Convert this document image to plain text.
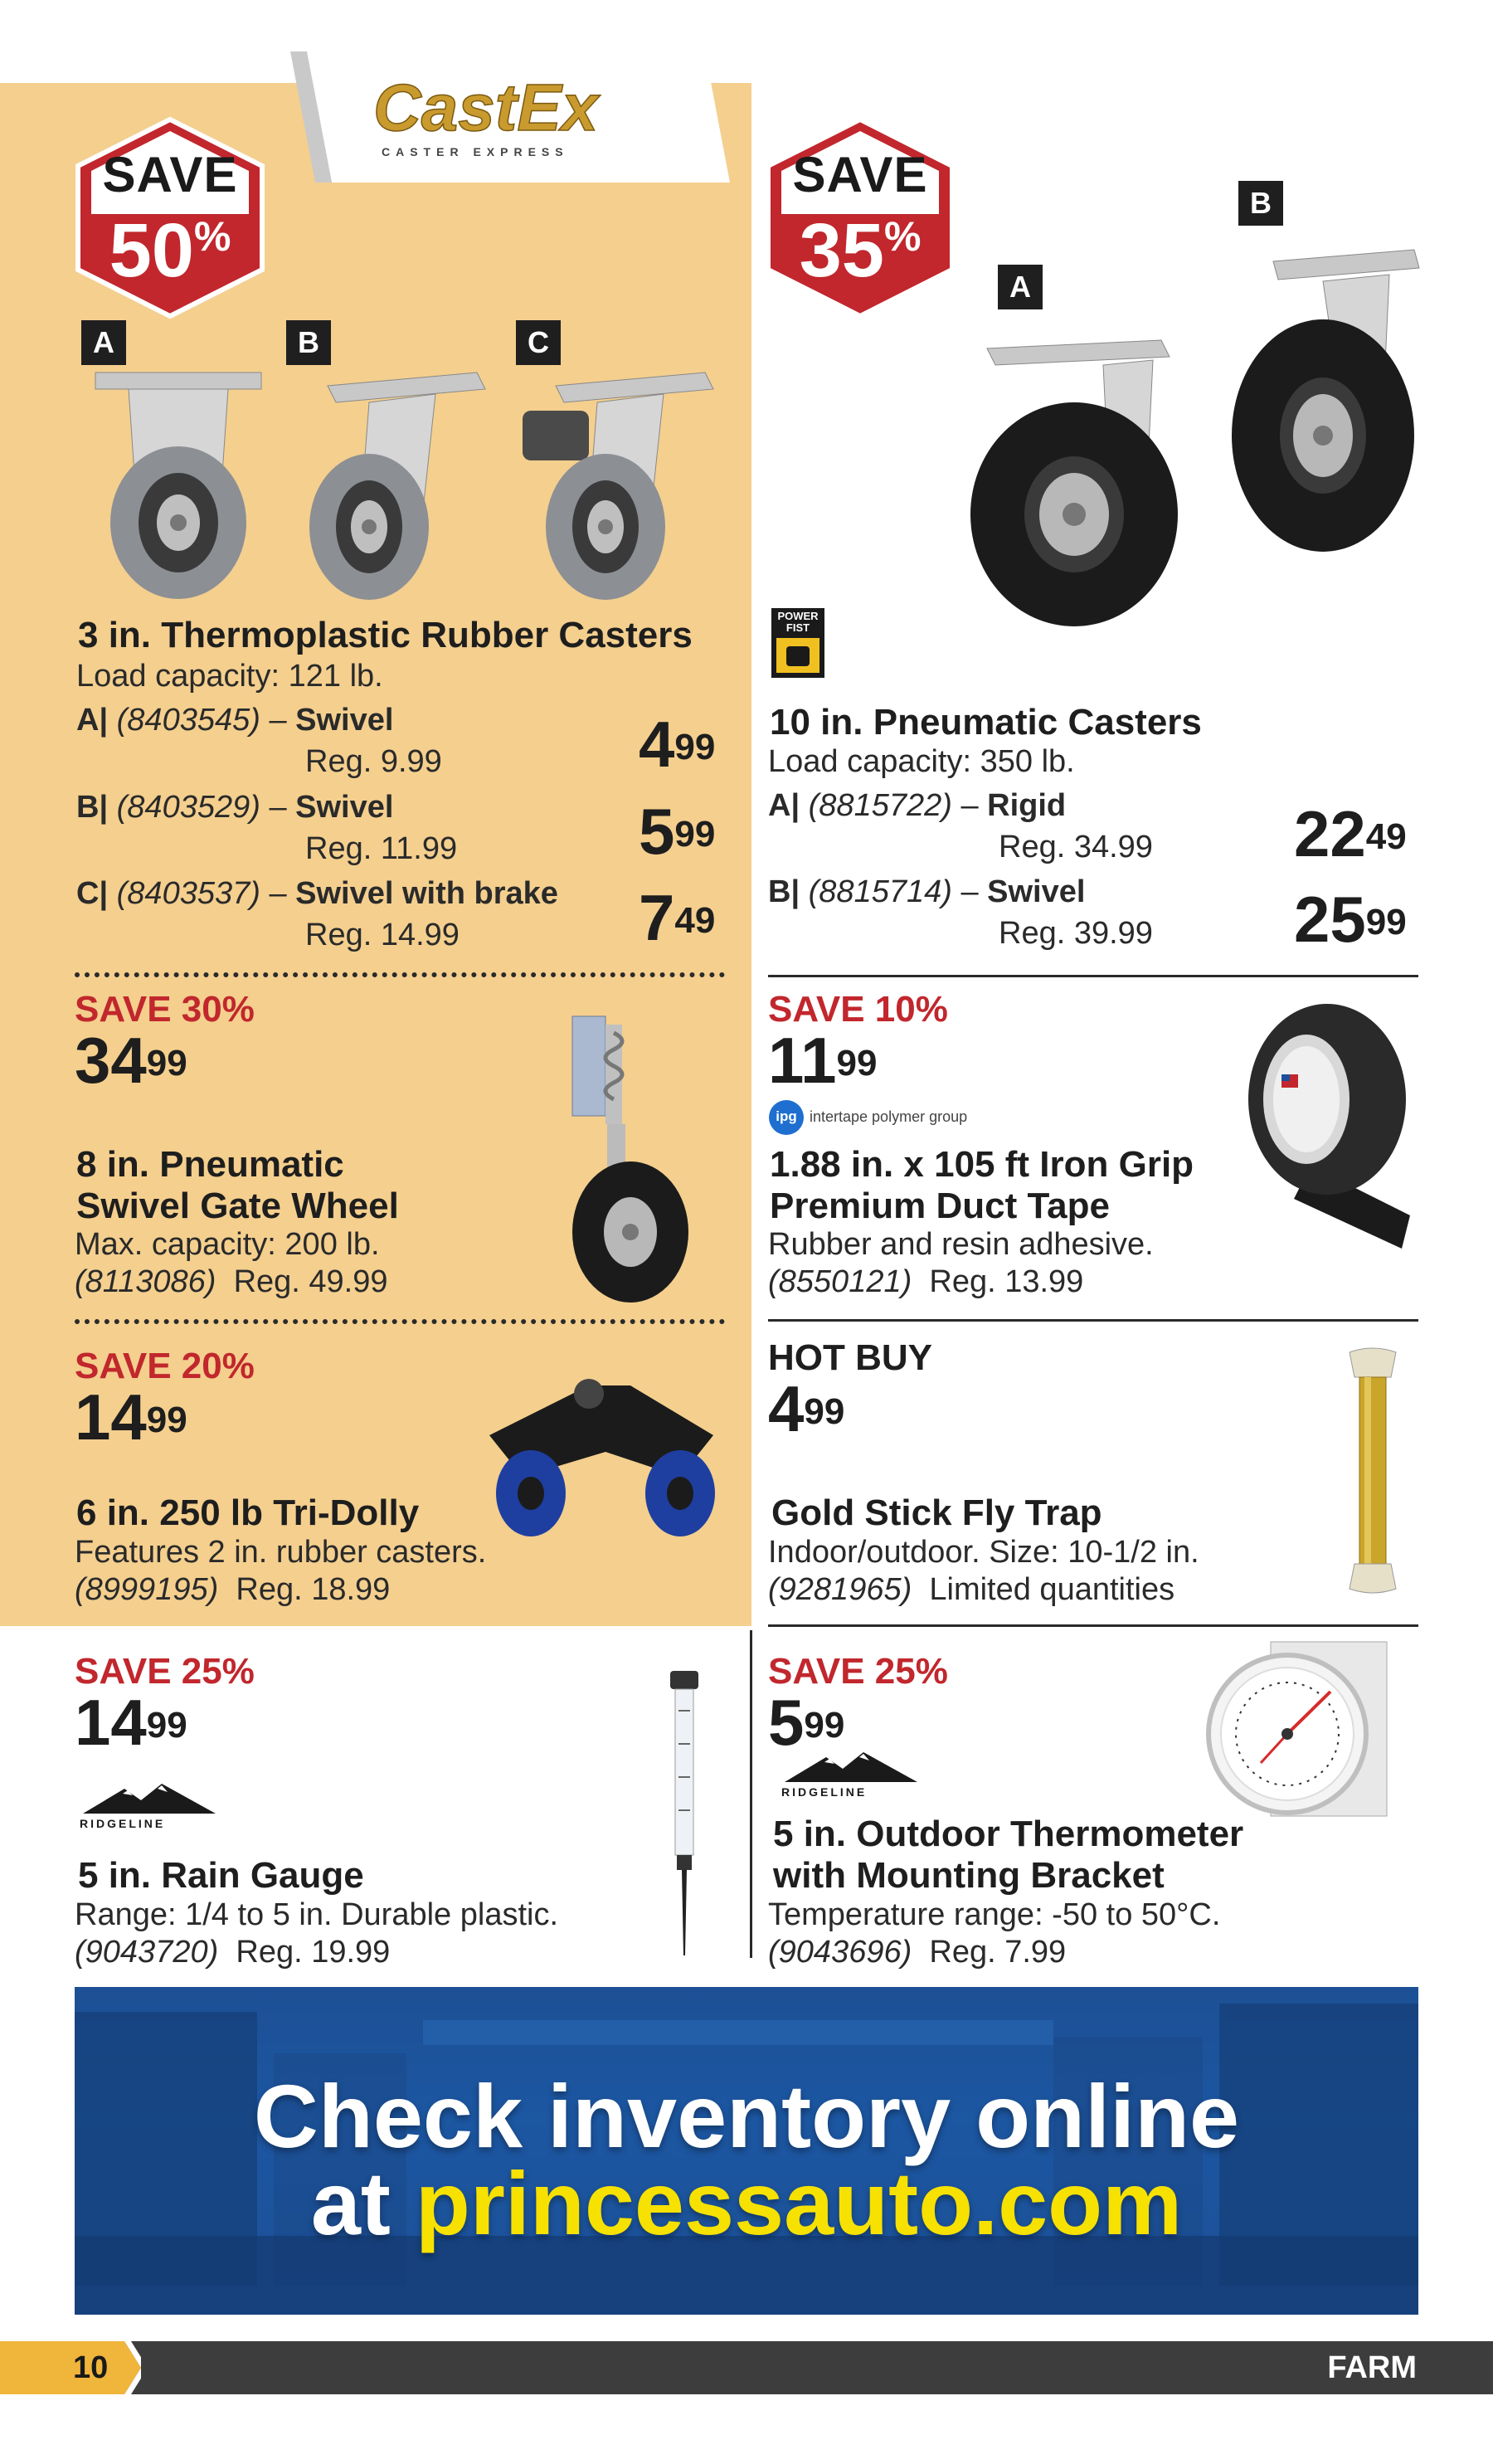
CastEx
CASTER EXPRESS
SAVE
50%
SAVE
35%
A	B	C
3 in. Thermoplastic Rubber Casters
Load capacity: 121 lb.
A| (8403545) – Swivel
Reg. 9.99	$4^{99}$
B| (8403529) – Swivel
Reg. 11.99	$5^{99}$
C| (8403537) – Swivel with brake
Reg. 14.99	$7^{49}$
A
B
POWER
FIST
10 in. Pneumatic Casters
Load capacity: 350 lb.
A| (8815722) – Rigid
Reg. 34.99 $22^{49}$
B| (8815714) – Swivel
Reg. 39.99 $25^{99}$
SAVE 30%
$34^{99}$
8 in. Pneumatic
Swivel Gate Wheel
Max. capacity: 200 lb.
(8113086) Reg. 49.99
SAVE 10%
$11^{99}$
ipg intertape polymer group
1.88 in. x 105 ft Iron Grip
Premium Duct Tape
Rubber and resin adhesive.
(8550121) Reg. 13.99
SAVE 20%
$14^{99}$
6 in. 250 lb Tri-Dolly
Features 2 in. rubber casters.
(8999195) Reg. 18.99
HOT BUY
$4^{99}$
Gold Stick Fly Trap
Indoor/outdoor. Size: 10-1/2 in.
(9281965) Limited quantities
SAVE 25%
$14^{99}$
RIDGELINE
5 in. Rain Gauge
Range: 1/4 to 5 in. Durable plastic.
(9043720) Reg. 19.99
SAVE 25%
$5^{99}$
RIDGELINE
5 in. Outdoor Thermometer
with Mounting Bracket
Temperature range: -50 to 50°C.
(9043696) Reg. 7.99
Check inventory online
at princessauto.com
10	FARM
